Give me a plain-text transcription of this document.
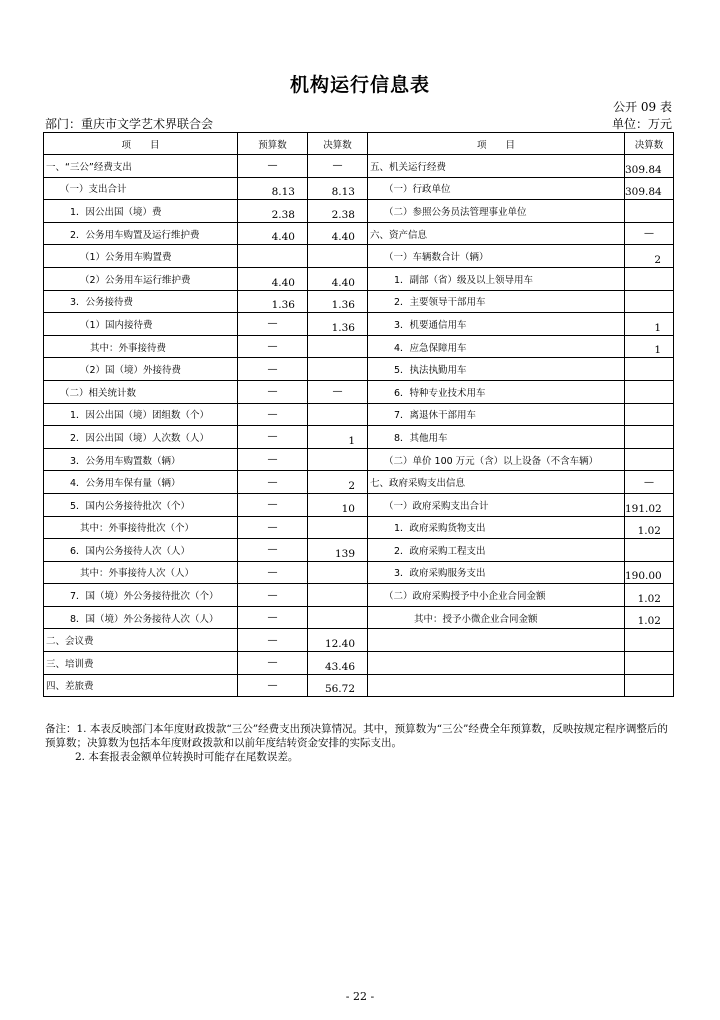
机构运行信息表
公开 09 表
部门：重庆市文学艺术界联合会	单位：万元
项　　目	预算数	决算数	项　　目	决算数
一、“三公”经费支出	—	—	五、机关运行经费	309.84
（一）支出合计	8.13	8.13	（一）行政单位	309.84
1．因公出国（境）费	2.38	2.38	（二）参照公务员法管理事业单位	
2．公务用车购置及运行维护费	4.40	4.40	六、资产信息	—
（1）公务用车购置费			（一）车辆数合计（辆）	2
（2）公务用车运行维护费	4.40	4.40	1．副部（省）级及以上领导用车	
3．公务接待费	1.36	1.36	2．主要领导干部用车	
（1）国内接待费	—	1.36	3．机要通信用车	1
其中：外事接待费	—		4．应急保障用车	1
（2）国（境）外接待费	—		5．执法执勤用车	
（二）相关统计数	—	—	6．特种专业技术用车	
1．因公出国（境）团组数（个）	—		7．离退休干部用车	
2．因公出国（境）人次数（人）	—	1	8．其他用车	
3．公务用车购置数（辆）	—		（二）单价 100 万元（含）以上设备（不含车辆）	
4．公务用车保有量（辆）	—	2	七、政府采购支出信息	—
5．国内公务接待批次（个）	—	10	（一）政府采购支出合计	191.02
其中：外事接待批次（个）	—		1．政府采购货物支出	1.02
6．国内公务接待人次（人）	—	139	2．政府采购工程支出	
其中：外事接待人次（人）	—		3．政府采购服务支出	190.00
7．国（境）外公务接待批次（个）	—		（二）政府采购授予中小企业合同金额	1.02
8．国（境）外公务接待人次（人）	—		其中：授予小微企业合同金额	1.02
二、会议费	—	12.40		
三、培训费	—	43.46		
四、差旅费	—	56.72		

备注：1. 本表反映部门本年度财政拨款“三公”经费支出预决算情况。其中，预算数为“三公”经费全年预算数，反映按规定程序调整后的预算数；决算数为包括本年度财政拨款和以前年度结转资金安排的实际支出。

2. 本套报表金额单位转换时可能存在尾数误差。

- 22 -
